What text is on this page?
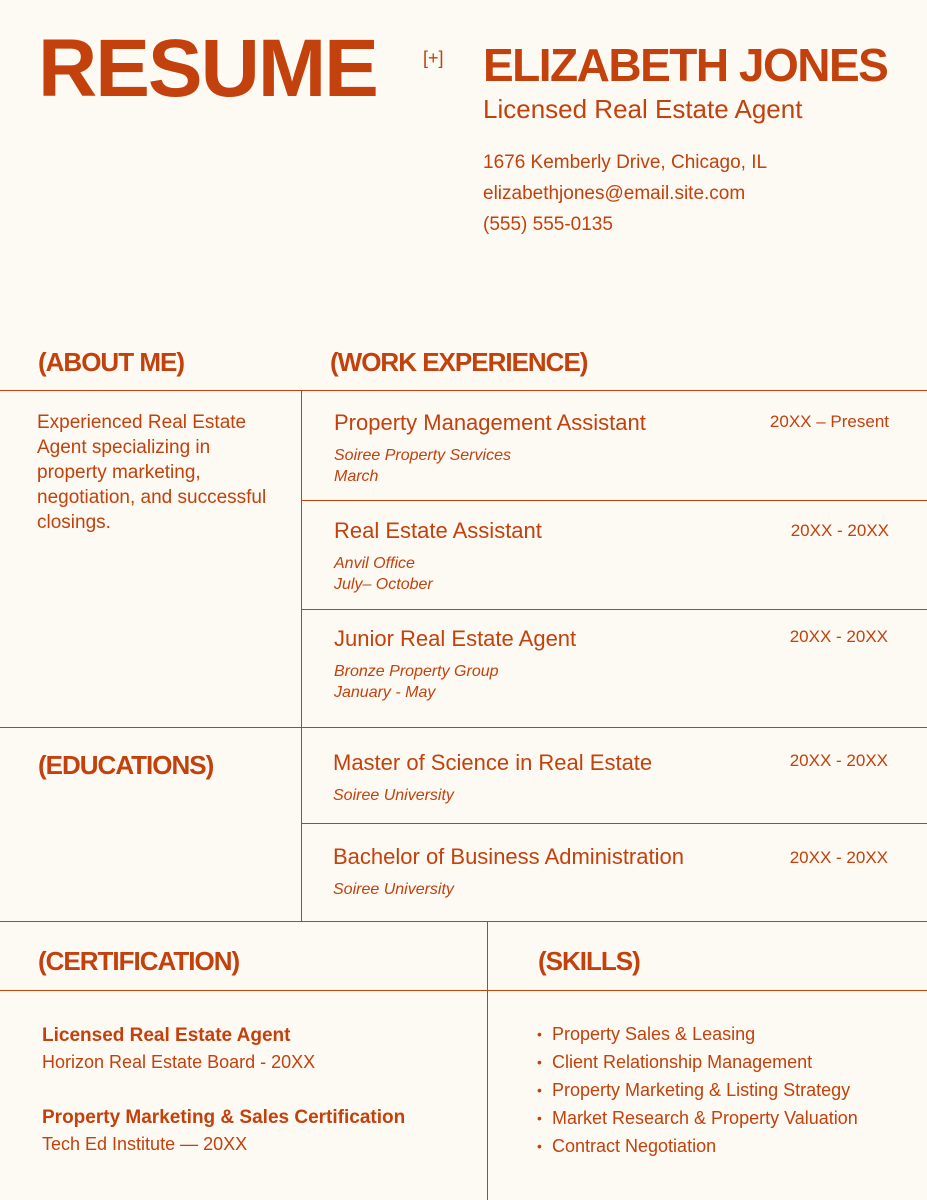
RESUME	[+] ELIZABETH JONES
Licensed Real Estate Agent
1676 Kemberly Drive, Chicago, IL
elizabethjones@email.site.com
(555) 555-0135
(ABOUT ME)	(WORK EXPERIENCE)
Experienced Real Estate Agent specializing in property marketing, negotiation, and successful closings.
Property Management Assistant
Soiree Property Services
March
20XX – Present
Real Estate Assistant
Anvil Office
July– October
20XX - 20XX
Junior Real Estate Agent
Bronze Property Group
January - May
20XX - 20XX
(EDUCATIONS)	Master of Science in Real Estate
Soiree University
20XX - 20XX
Bachelor of Business Administration
Soiree University
20XX - 20XX
(CERTIFICATION)
Licensed Real Estate Agent
Horizon Real Estate Board - 20XX
Property Marketing & Sales Certification
Tech Ed Institute — 20XX
(SKILLS)
• Property Sales & Leasing
• Client Relationship Management
• Property Marketing & Listing Strategy
• Market Research & Property Valuation
• Contract Negotiation
